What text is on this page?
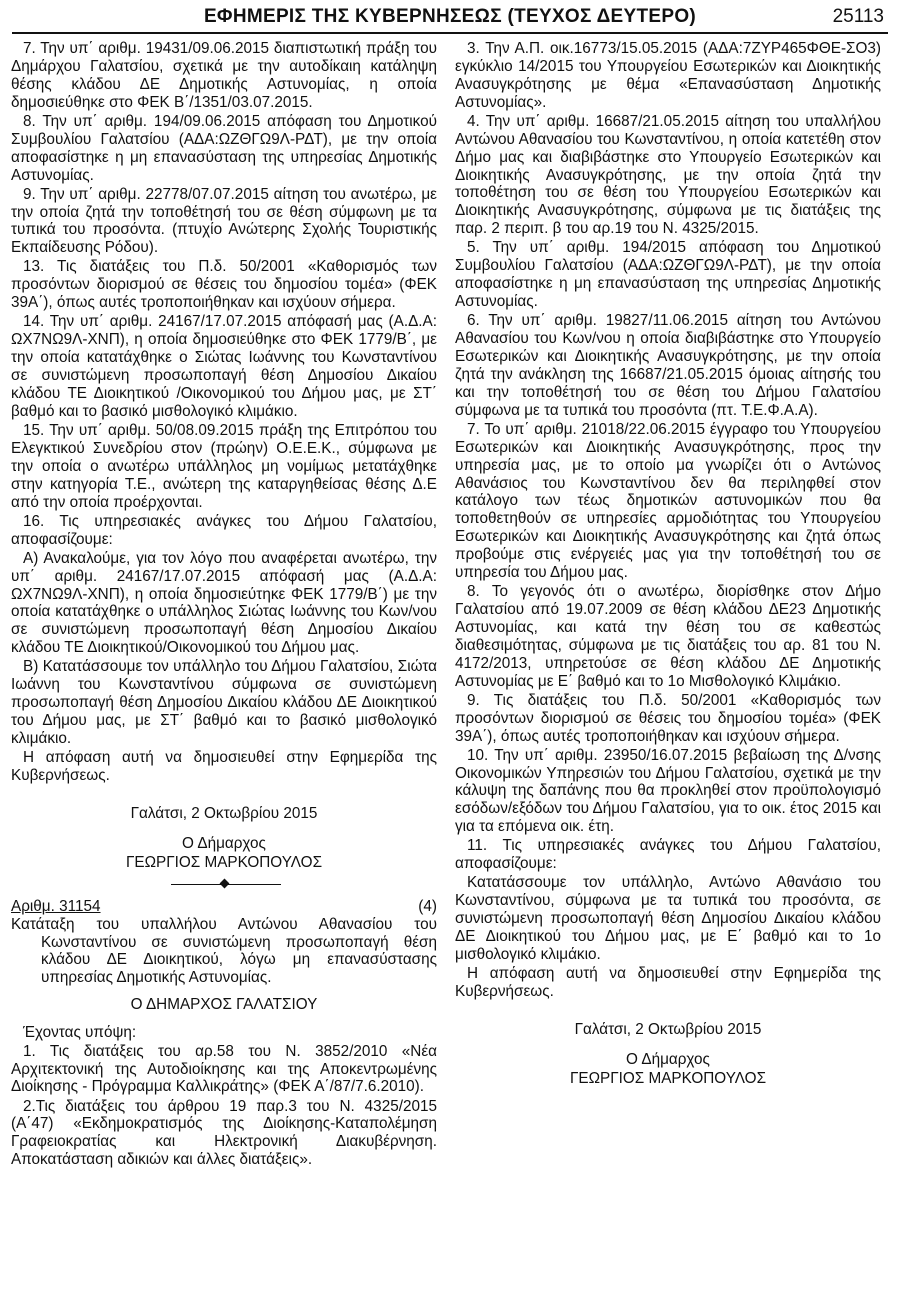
ΕΦΗΜΕΡΙΣ ΤΗΣ ΚΥΒΕΡΝΗΣΕΩΣ (ΤΕΥΧΟΣ ΔΕΥΤΕΡΟ)	25113

7. Την υπ΄ αριθμ. 19431/09.06.2015 διαπιστωτική πράξη του Δημάρχου Γαλατσίου, σχετικά με την αυτοδίκαιη κατάληψη θέσης κλάδου ΔΕ Δημοτικής Αστυνομίας, η οποία δημοσιεύθηκε στο ΦΕΚ Β΄/1351/03.07.2015.

8. Την υπ΄ αριθμ. 194/09.06.2015 απόφαση του Δημοτικού Συμβουλίου Γαλατσίου (ΑΔΑ:ΩΖΘΓΩ9Λ-ΡΔΤ), με την οποία αποφασίστηκε η μη επανασύσταση της υπηρεσίας Δημοτικής Αστυνομίας.

9. Την υπ΄ αριθμ. 22778/07.07.2015 αίτηση του ανωτέρω, με την οποία ζητά την τοποθέτησή του σε θέση σύμφωνη με τα τυπικά του προσόντα. (πτυχίο Ανώτερης Σχολής Τουριστικής Εκπαίδευσης Ρόδου).

13. Τις διατάξεις του Π.δ. 50/2001 «Καθορισμός των προσόντων διορισμού σε θέσεις του δημοσίου τομέα» (ΦΕΚ 39Α΄), όπως αυτές τροποποιήθηκαν και ισχύουν σήμερα.

14. Την υπ΄ αριθμ. 24167/17.07.2015 απόφασή μας (Α.Δ.Α: ΩΧ7ΝΩ9Λ-ΧΝΠ), η οποία δημοσιεύθηκε στο ΦΕΚ 1779/Β΄, με την οποία κατατάχθηκε ο Σιώτας Ιωάννης του Κωνσταντίνου σε συνιστώμενη προσωποπαγή θέση Δημοσίου Δικαίου κλάδου ΤΕ Διοικητικού /Οικονομικού του Δήμου μας, με ΣΤ΄ βαθμό και το βασικό μισθολογικό κλιμάκιο.

15. Την υπ΄ αριθμ. 50/08.09.2015 πράξη της Επιτρόπου του Ελεγκτικού Συνεδρίου στον (πρώην) Ο.Ε.Ε.Κ., σύμφωνα με την οποία ο ανωτέρω υπάλληλος μη νομίμως μετατάχθηκε στην κατηγορία Τ.Ε., ανώτερη της καταργηθείσας θέσης Δ.Ε από την οποία προέρχονται.

16. Τις υπηρεσιακές ανάγκες του Δήμου Γαλατσίου, αποφασίζουμε:

Α) Ανακαλούμε, για τον λόγο που αναφέρεται ανωτέρω, την υπ΄ αριθμ. 24167/17.07.2015 απόφασή μας (Α.Δ.Α: ΩΧ7ΝΩ9Λ-ΧΝΠ), η οποία δημοσιεύτηκε ΦΕΚ 1779/Β΄) με την οποία κατατάχθηκε ο υπάλληλος Σιώτας Ιωάννης του Κων/νου σε συνιστώμενη προσωποπαγή θέση Δημοσίου Δικαίου κλάδου ΤΕ Διοικητικού/Οικονομικού του Δήμου μας.

Β) Κατατάσσουμε τον υπάλληλο του Δήμου Γαλατσίου, Σιώτα Ιωάννη του Κωνσταντίνου σύμφωνα σε συνιστώμενη προσωποπαγή θέση Δημοσίου Δικαίου κλάδου ΔΕ Διοικητικού του Δήμου μας, με ΣΤ΄ βαθμό και το βασικό μισθολογικό κλιμάκιο.

Η απόφαση αυτή να δημοσιευθεί στην Εφημερίδα της Κυβερνήσεως.

Γαλάτσι, 2 Οκτωβρίου 2015

Ο Δήμαρχος

ΓΕΩΡΓΙΟΣ ΜΑΡΚΟΠΟΥΛΟΣ

Αριθμ. 31154	(4)

Κατάταξη του υπαλλήλου Αντώνου Αθανασίου του Κωνσταντίνου σε συνιστώμενη προσωποπαγή θέση κλάδου ΔΕ Διοικητικού, λόγω μη επανασύστασης υπηρεσίας Δημοτικής Αστυνομίας.

Ο ΔΗΜΑΡΧΟΣ ΓΑΛΑΤΣΙΟΥ

Έχοντας υπόψη:

1. Τις διατάξεις του αρ.58 του Ν. 3852/2010 «Νέα Αρχιτεκτονική της Αυτοδιοίκησης και της Αποκεντρωμένης Διοίκησης - Πρόγραμμα Καλλικράτης» (ΦΕΚ Α΄/87/7.6.2010).

2.Τις διατάξεις του άρθρου 19 παρ.3 του Ν. 4325/2015 (Α΄47) «Εκδημοκρατισμός της Διοίκησης-Καταπολέμηση Γραφειοκρατίας και Ηλεκτρονική Διακυβέρνηση. Αποκατάσταση αδικιών και άλλες διατάξεις».

3. Την Α.Π. οικ.16773/15.05.2015 (ΑΔΑ:7ΖΥΡ465ΦΘΕ-ΣΟ3) εγκύκλιο 14/2015 του Υπουργείου Εσωτερικών και Διοικητικής Ανασυγκρότησης με θέμα «Επανασύσταση Δημοτικής Αστυνομίας».

4. Την υπ΄ αριθμ. 16687/21.05.2015 αίτηση του υπαλλήλου Αντώνου Αθανασίου του Κωνσταντίνου, η οποία κατετέθη στον Δήμο μας και διαβιβάστηκε στο Υπουργείο Εσωτερικών και Διοικητικής Ανασυγκρότησης, με την οποία ζητά την τοποθέτηση του σε θέση του Υπουργείου Εσωτερικών και Διοικητικής Ανασυγκρότησης, σύμφωνα με τις διατάξεις της παρ. 2 περιπ. β του αρ.19 του Ν. 4325/2015.

5. Την υπ΄ αριθμ. 194/2015 απόφαση του Δημοτικού Συμβουλίου Γαλατσίου (ΑΔΑ:ΩΖΘΓΩ9Λ-ΡΔΤ), με την οποία αποφασίστηκε η μη επανασύσταση της υπηρεσίας Δημοτικής Αστυνομίας.

6. Την υπ΄ αριθμ. 19827/11.06.2015 αίτηση του Αντώνου Αθανασίου του Κων/νου η οποία διαβιβάστηκε στο Υπουργείο Εσωτερικών και Διοικητικής Ανασυγκρότησης, με την οποία ζητά την ανάκληση της 16687/21.05.2015 όμοιας αίτησής του και την τοποθέτησή του σε θέση του Δήμου Γαλατσίου σύμφωνα με τα τυπικά του προσόντα (πτ. Τ.Ε.Φ.Α.Α).

7. Το υπ΄ αριθμ. 21018/22.06.2015 έγγραφο του Υπουργείου Εσωτερικών και Διοικητικής Ανασυγκρότησης, προς την υπηρεσία μας, με το οποίο μα γνωρίζει ότι ο Αντώνος Αθανάσιος του Κωνσταντίνου δεν θα περιληφθεί στον κατάλογο των τέως δημοτικών αστυνομικών που θα τοποθετηθούν σε υπηρεσίες αρμοδιότητας του Υπουργείου Εσωτερικών και Διοικητικής Ανασυγκρότησης και ζητά όπως προβούμε στις ενέργειές μας για την τοποθέτησή του σε υπηρεσία του Δήμου μας.

8. Το γεγονός ότι ο ανωτέρω, διορίσθηκε στον Δήμο Γαλατσίου από 19.07.2009 σε θέση κλάδου ΔΕ23 Δημοτικής Αστυνομίας, και κατά την θέση του σε καθεστώς διαθεσιμότητας, σύμφωνα με τις διατάξεις του αρ. 81 του Ν. 4172/2013, υπηρετούσε σε θέση κλάδου ΔΕ Δημοτικής Αστυνομίας με Ε΄ βαθμό και το 1ο Μισθολογικό Κλιμάκιο.

9. Τις διατάξεις του Π.δ. 50/2001 «Καθορισμός των προσόντων διορισμού σε θέσεις του δημοσίου τομέα» (ΦΕΚ 39Α΄), όπως αυτές τροποποιήθηκαν και ισχύουν σήμερα.

10. Την υπ΄ αριθμ. 23950/16.07.2015 βεβαίωση της Δ/νσης Οικονομικών Υπηρεσιών του Δήμου Γαλατσίου, σχετικά με την κάλυψη της δαπάνης που θα προκληθεί στον προϋπολογισμό εσόδων/εξόδων του Δήμου Γαλατσίου, για το οικ. έτος 2015 και για τα επόμενα οικ. έτη.

11. Τις υπηρεσιακές ανάγκες του Δήμου Γαλατσίου, αποφασίζουμε:

Κατατάσσουμε τον υπάλληλο, Αντώνο Αθανάσιο του Κωνσταντίνου, σύμφωνα με τα τυπικά του προσόντα, σε συνιστώμενη προσωποπαγή θέση Δημοσίου Δικαίου κλάδου ΔΕ Διοικητικού του Δήμου μας, με Ε΄ βαθμό και το 1ο μισθολογικό κλιμάκιο.

Η απόφαση αυτή να δημοσιευθεί στην Εφημερίδα της Κυβερνήσεως.

Γαλάτσι, 2 Οκτωβρίου 2015

Ο Δήμαρχος

ΓΕΩΡΓΙΟΣ ΜΑΡΚΟΠΟΥΛΟΣ
